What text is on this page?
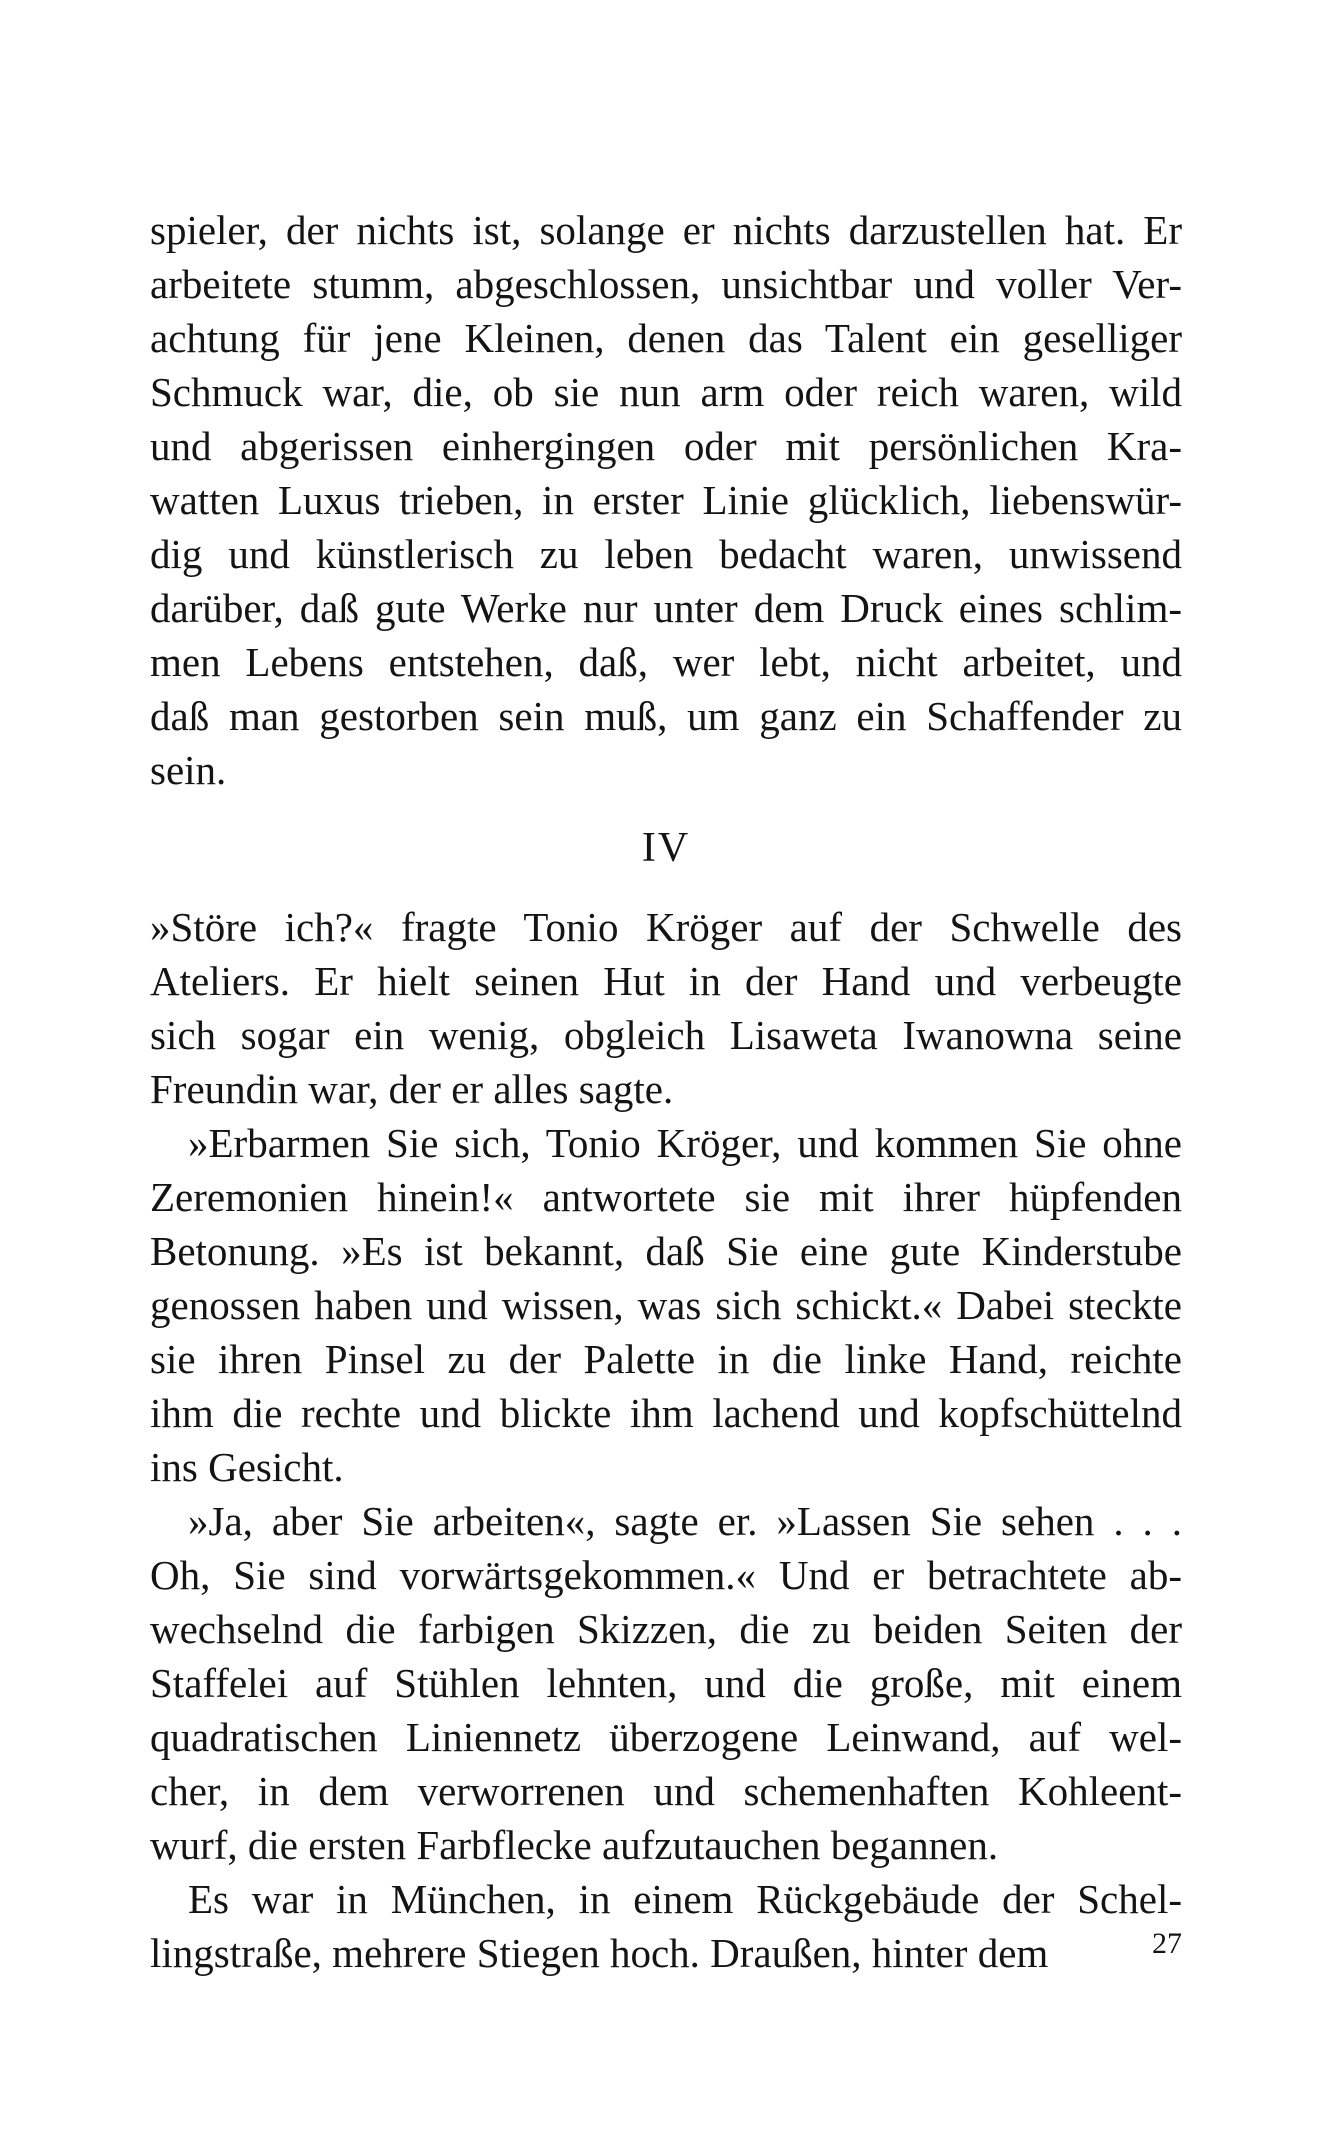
spieler, der nichts ist, solange er nichts darzustellen hat. Er
arbeitete stumm, abgeschlossen, unsichtbar und voller Ver-
achtung für jene Kleinen, denen das Talent ein geselliger
Schmuck war, die, ob sie nun arm oder reich waren, wild
und abgerissen einhergingen oder mit persönlichen Kra-
watten Luxus trieben, in erster Linie glücklich, liebenswür-
dig und künstlerisch zu leben bedacht waren, unwissend
darüber, daß gute Werke nur unter dem Druck eines schlim-
men Lebens entstehen, daß, wer lebt, nicht arbeitet, und
daß man gestorben sein muß, um ganz ein Schaffender zu
sein.
IV
»Störe ich?« fragte Tonio Kröger auf der Schwelle des
Ateliers. Er hielt seinen Hut in der Hand und verbeugte
sich sogar ein wenig, obgleich Lisaweta Iwanowna seine
Freundin war, der er alles sagte.
»Erbarmen Sie sich, Tonio Kröger, und kommen Sie ohne
Zeremonien hinein!« antwortete sie mit ihrer hüpfenden
Betonung. »Es ist bekannt, daß Sie eine gute Kinderstube
genossen haben und wissen, was sich schickt.« Dabei steckte
sie ihren Pinsel zu der Palette in die linke Hand, reichte
ihm die rechte und blickte ihm lachend und kopfschüttelnd
ins Gesicht.
»Ja, aber Sie arbeiten«, sagte er. »Lassen Sie sehen . . .
Oh, Sie sind vorwärtsgekommen.« Und er betrachtete ab-
wechselnd die farbigen Skizzen, die zu beiden Seiten der
Staffelei auf Stühlen lehnten, und die große, mit einem
quadratischen Liniennetz überzogene Leinwand, auf wel-
cher, in dem verworrenen und schemenhaften Kohleent-
wurf, die ersten Farbflecke aufzutauchen begannen.
Es war in München, in einem Rückgebäude der Schel-
lingstraße, mehrere Stiegen hoch. Draußen, hinter dem	27
